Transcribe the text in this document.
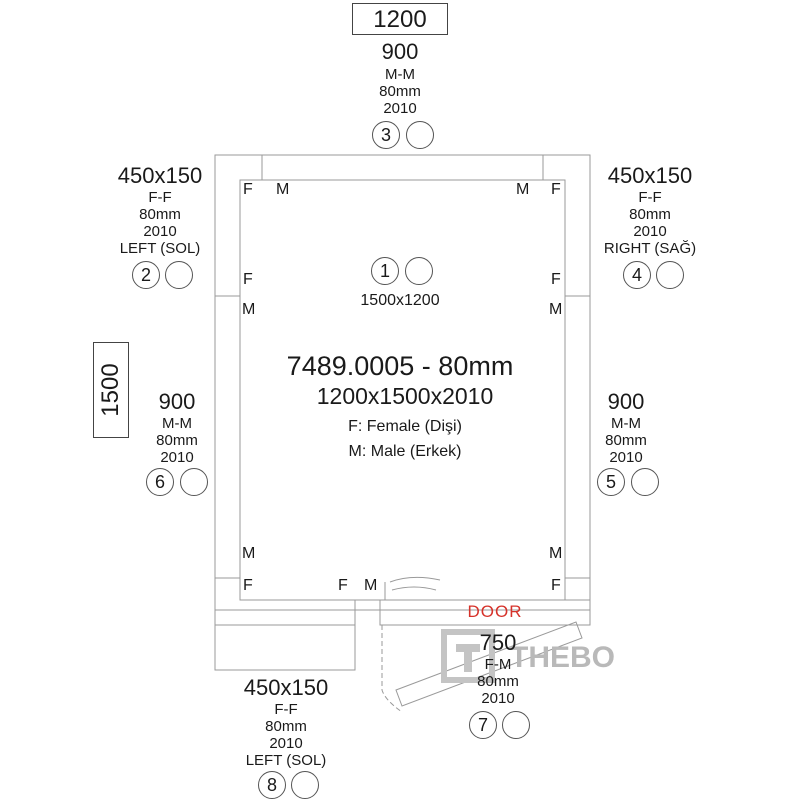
1200
1500
900
M-M
80mm
2010
3
450x150
F-F
80mm
2010
LEFT (SOL)
2
450x150
F-F
80mm
2010
RIGHT (SAĞ)
4
1
1500x1200
7489.0005 - 80mm
1200x1500x2010
F: Female (Dişi)
M: Male (Erkek)
900
M-M
80mm
2010
6
900
M-M
80mm
2010
5
F M	M F
F
M
F
M
M
F
M
F
F M
DOOR
THEBO
750
F-M
80mm
2010
7
450x150
F-F
80mm
2010
LEFT (SOL)
8
